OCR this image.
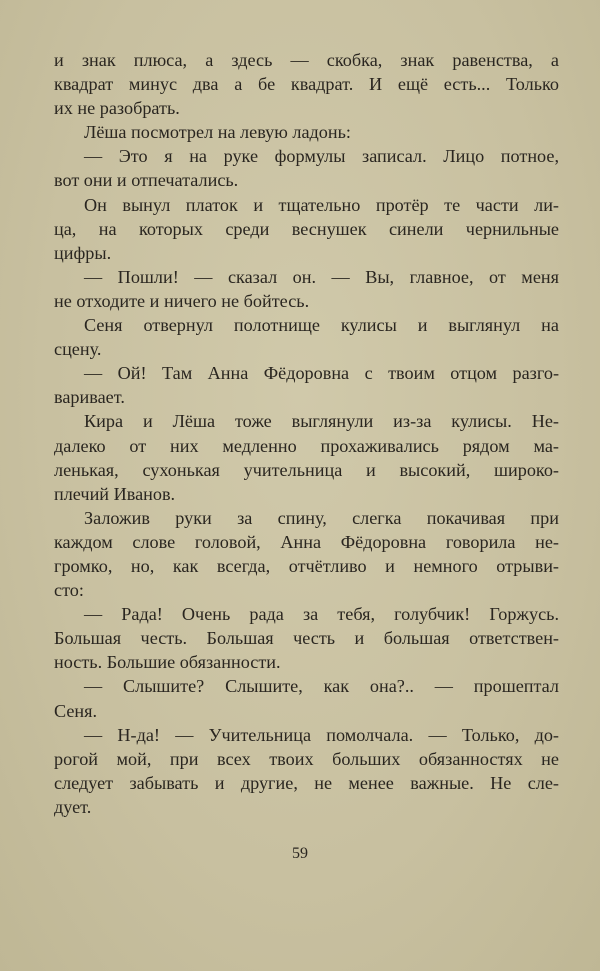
и знак плюса, а здесь — скобка, знак равенства, а
квадрат минус два а бе квадрат. И ещё есть... Только
их не разобрать.
Лёша посмотрел на левую ладонь:
— Это я на руке формулы записал. Лицо потное,
вот они и отпечатались.
Он вынул платок и тщательно протёр те части ли-
ца, на которых среди веснушек синели чернильные
цифры.
— Пошли! — сказал он. — Вы, главное, от меня
не отходите и ничего не бойтесь.
Сеня отвернул полотнище кулисы и выглянул на
сцену.
— Ой! Там Анна Фёдоровна с твоим отцом разго-
варивает.
Кира и Лёша тоже выглянули из-за кулисы. Не-
далеко от них медленно прохаживались рядом ма-
ленькая, сухонькая учительница и высокий, широко-
плечий Иванов.
Заложив руки за спину, слегка покачивая при
каждом слове головой, Анна Фёдоровна говорила не-
громко, но, как всегда, отчётливо и немного отрыви-
сто:
— Рада! Очень рада за тебя, голубчик! Горжусь.
Большая честь. Большая честь и большая ответствен-
ность. Большие обязанности.
— Слышите? Слышите, как она?.. — прошептал
Сеня.
— Н-да! — Учительница помолчала. — Только, до-
рогой мой, при всех твоих больших обязанностях не
следует забывать и другие, не менее важные. Не сле-
дует.
59
